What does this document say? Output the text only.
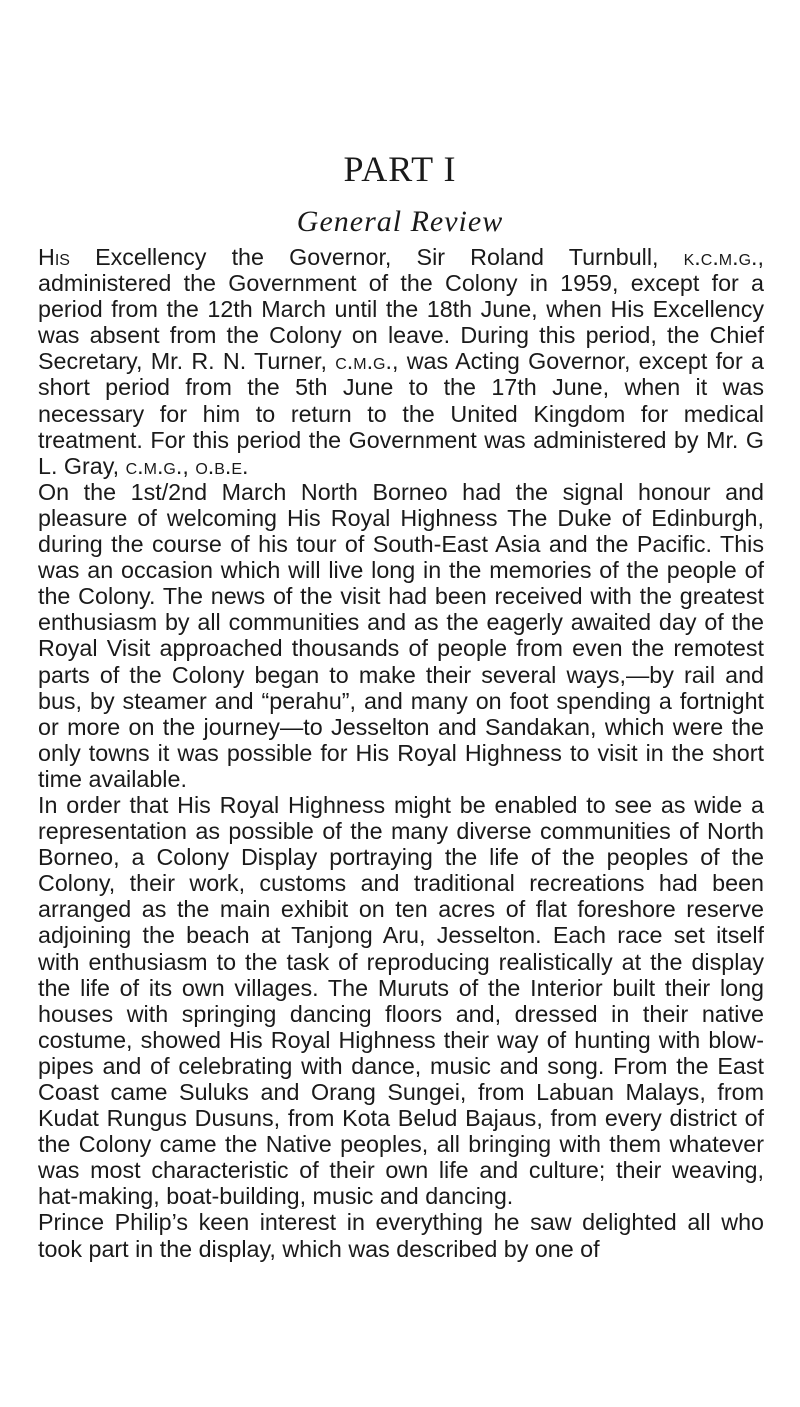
PART I
General Review

His Excellency the Governor, Sir Roland Turnbull, k.c.m.g., administered the Government of the Colony in 1959, except for a period from the 12th March until the 18th June, when His Excellency was absent from the Colony on leave. During this period, the Chief Secretary, Mr. R. N. Turner, c.m.g., was Acting Governor, except for a short period from the 5th June to the 17th June, when it was necessary for him to return to the United Kingdom for medical treatment. For this period the Government was administered by Mr. G L. Gray, c.m.g., o.b.e.

On the 1st/2nd March North Borneo had the signal honour and pleasure of welcoming His Royal Highness The Duke of Edinburgh, during the course of his tour of South-East Asia and the Pacific. This was an occasion which will live long in the memories of the people of the Colony. The news of the visit had been received with the greatest enthusiasm by all communities and as the eagerly awaited day of the Royal Visit approached thousands of people from even the remotest parts of the Colony began to make their several ways,—by rail and bus, by steamer and “perahu”, and many on foot spending a fortnight or more on the journey—to Jesselton and Sandakan, which were the only towns it was possible for His Royal Highness to visit in the short time available.

In order that His Royal Highness might be enabled to see as wide a representation as possible of the many diverse communities of North Borneo, a Colony Display portraying the life of the peoples of the Colony, their work, customs and traditional recreations had been arranged as the main exhibit on ten acres of flat foreshore reserve adjoining the beach at Tanjong Aru, Jesselton. Each race set itself with enthusiasm to the task of reproducing realistically at the display the life of its own villages. The Muruts of the Interior built their long houses with springing dancing floors and, dressed in their native costume, showed His Royal Highness their way of hunting with blow-pipes and of celebrating with dance, music and song. From the East Coast came Suluks and Orang Sungei, from Labuan Malays, from Kudat Rungus Dusuns, from Kota Belud Bajaus, from every district of the Colony came the Native peoples, all bringing with them whatever was most characteristic of their own life and culture; their weaving, hat-making, boat-building, music and dancing.

Prince Philip’s keen interest in everything he saw delighted all who took part in the display, which was described by one of
